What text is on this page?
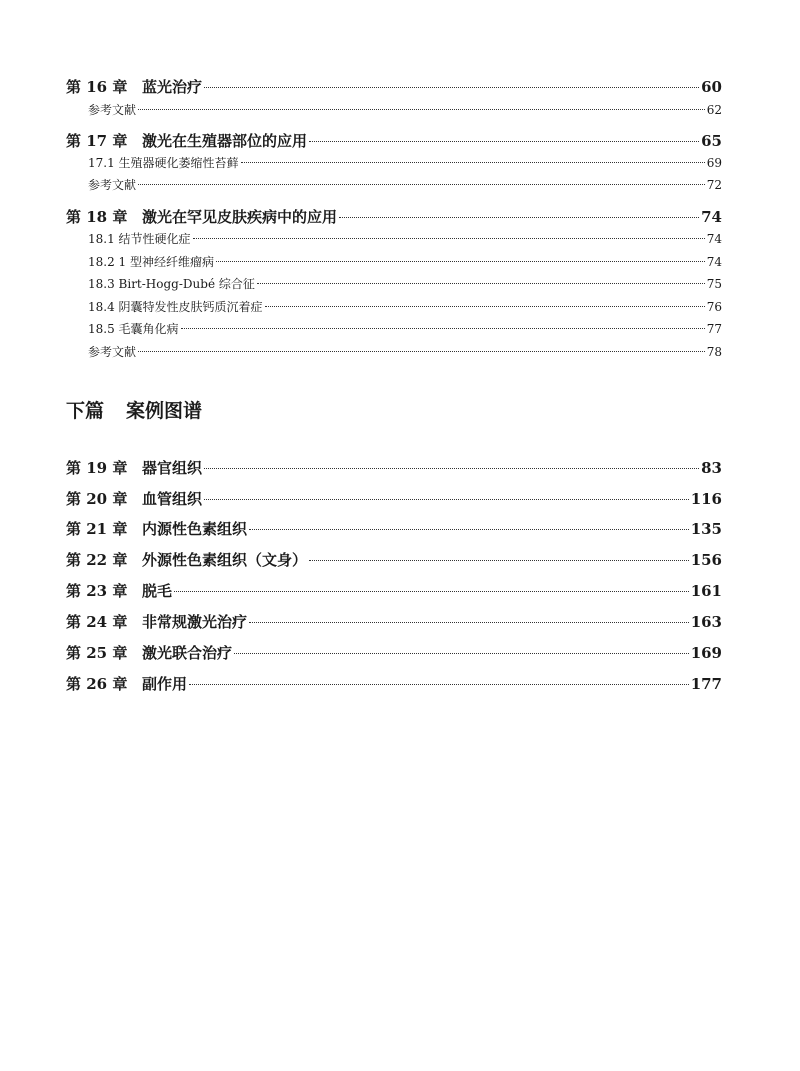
第 16 章 蓝光治疗	60
参考文献	62
第 17 章 激光在生殖器部位的应用	65
17.1 生殖器硬化萎缩性苔藓	69
参考文献	72
第 18 章 激光在罕见皮肤疾病中的应用	74
18.1 结节性硬化症	74
18.2 1 型神经纤维瘤病	74
18.3 Birt-Hogg-Dubé 综合征	75
18.4 阴囊特发性皮肤钙质沉着症	76
18.5 毛囊角化病	77
参考文献	78
第 19 章 器官组织	83
第 20 章 血管组织	116
第 21 章 内源性色素组织	135
第 22 章 外源性色素组织（文身）	156
第 23 章 脱毛	161
第 24 章 非常规激光治疗	163
第 25 章 激光联合治疗	169
第 26 章 副作用	177
下篇 案例图谱
